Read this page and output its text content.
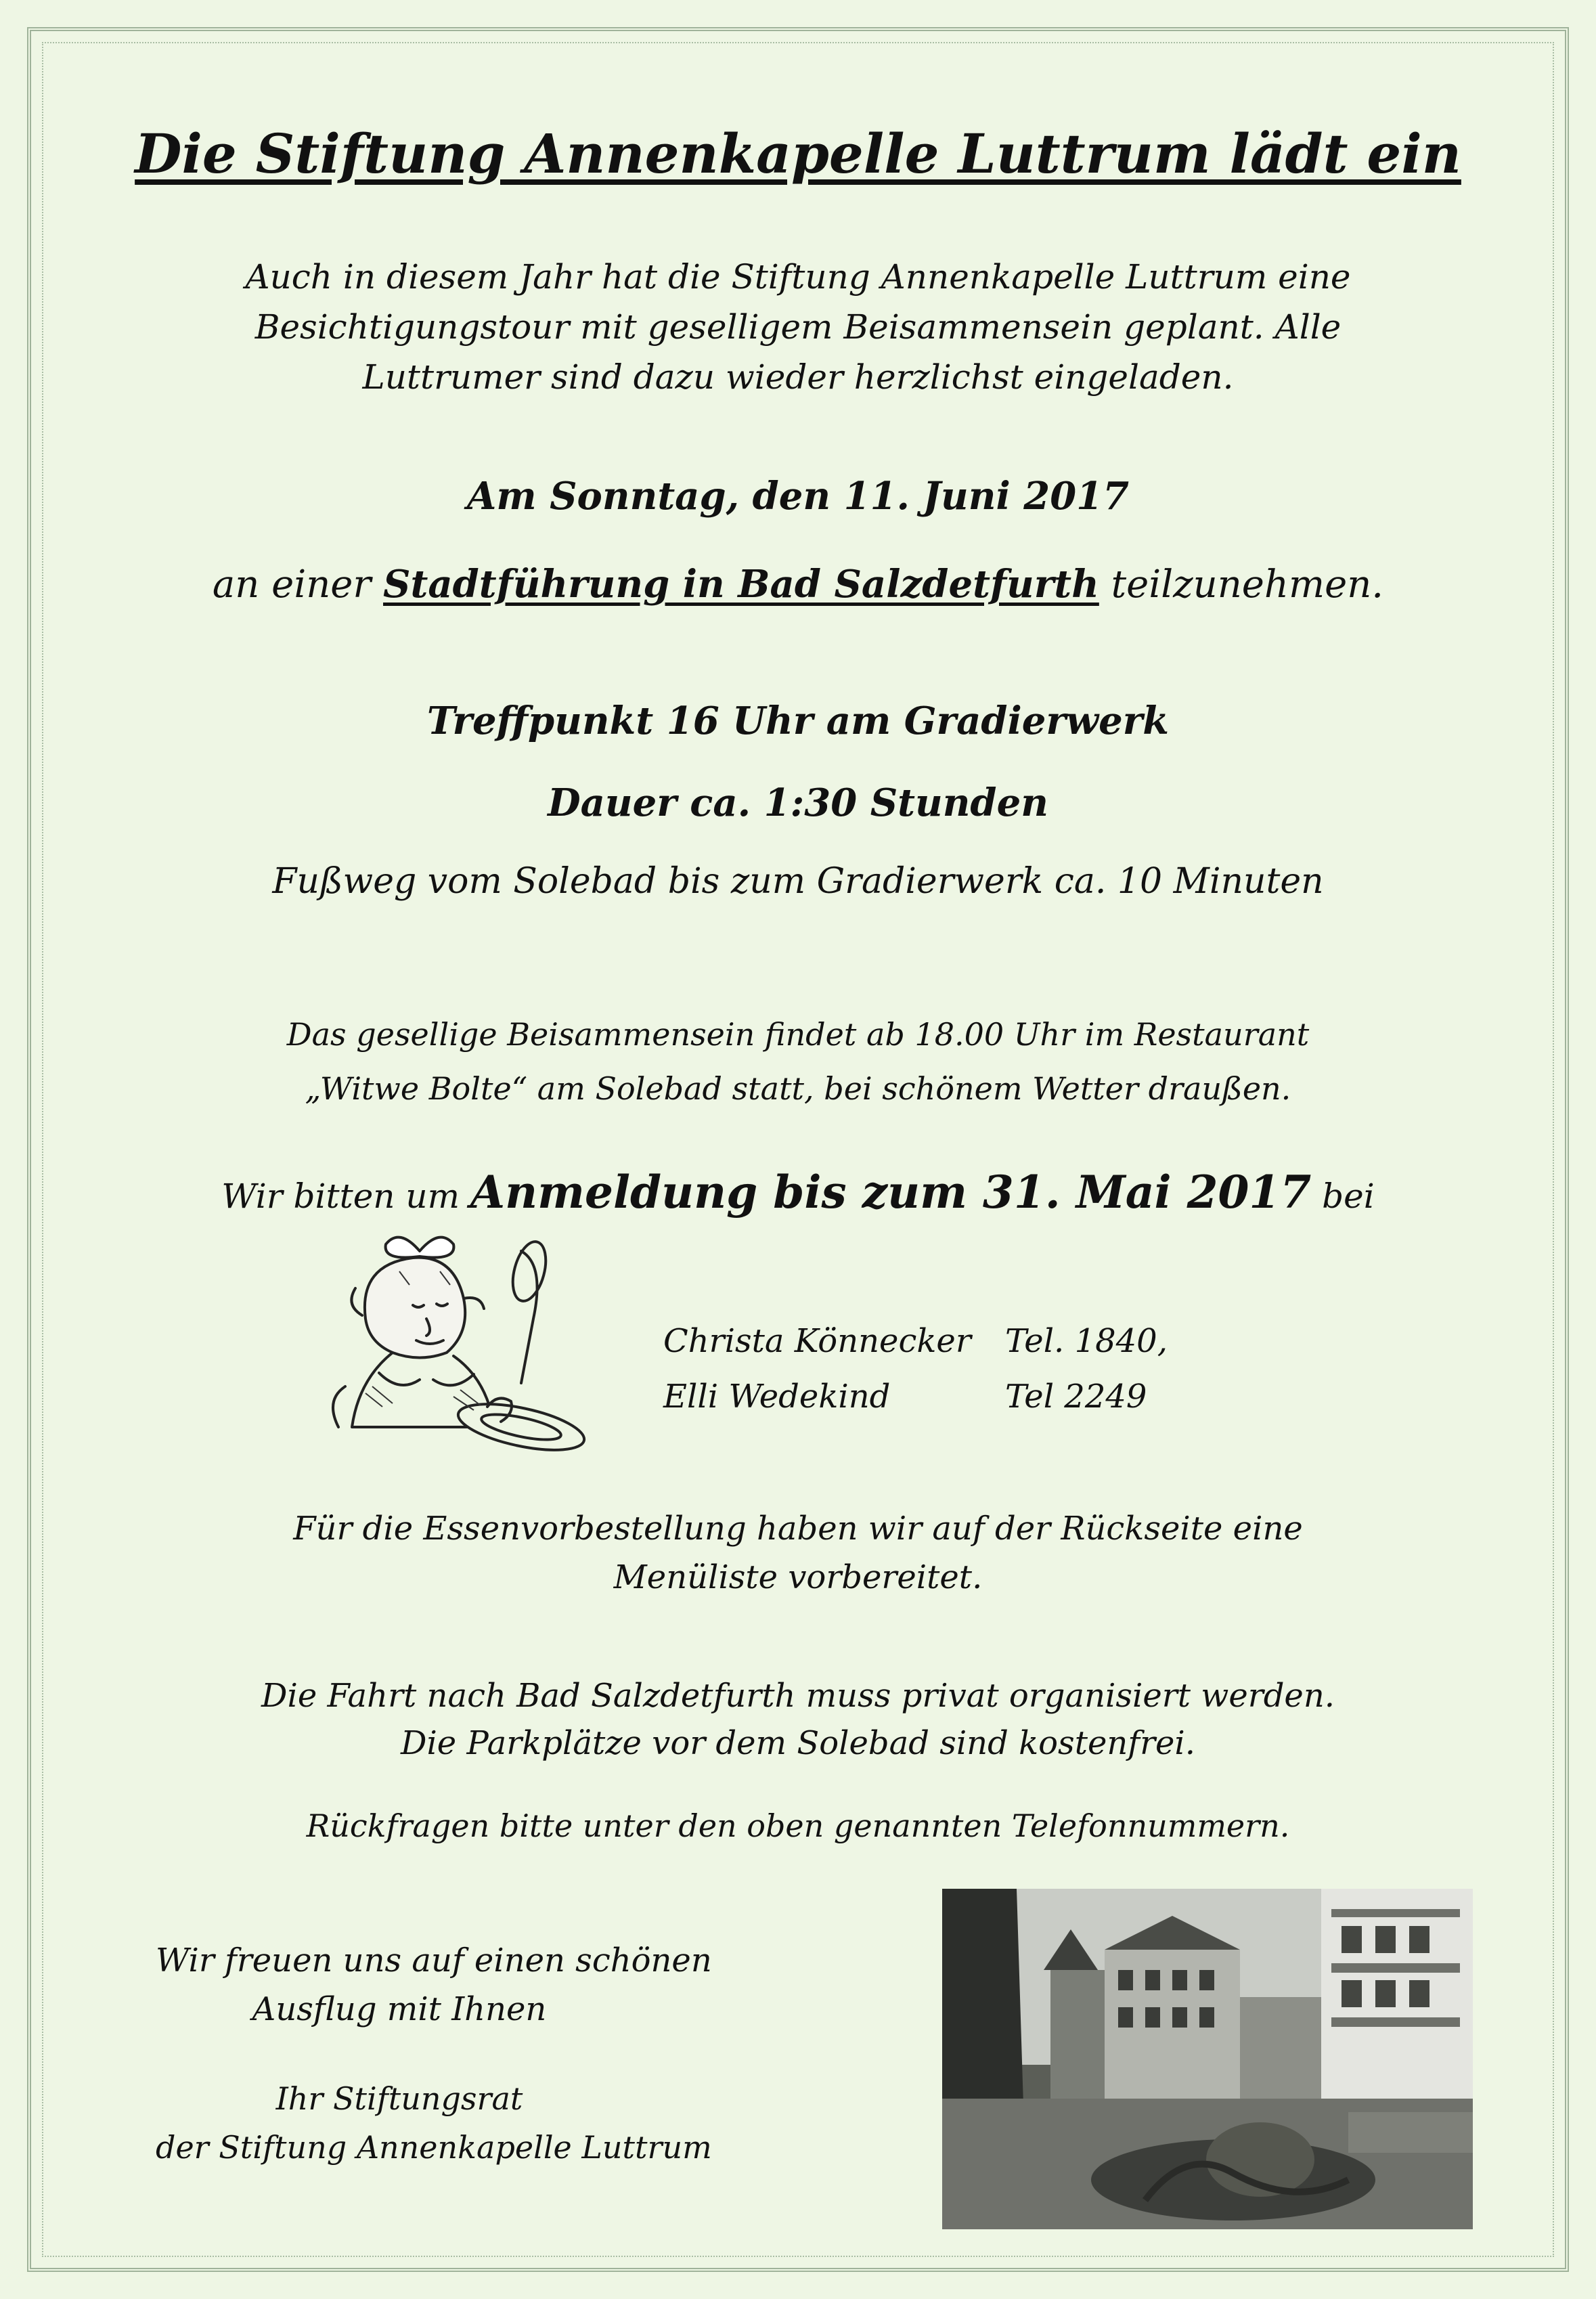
Die Stiftung Annenkapelle Luttrum lädt ein
Auch in diesem Jahr hat die Stiftung Annenkapelle Luttrum eine
Besichtigungstour mit geselligem Beisammensein geplant. Alle
Luttrumer sind dazu wieder herzlichst eingeladen.
Am Sonntag, den 11. Juni 2017
an einer Stadtführung in Bad Salzdetfurth teilzunehmen.
Treffpunkt 16 Uhr am Gradierwerk
Dauer ca. 1:30 Stunden
Fußweg vom Solebad bis zum Gradierwerk ca. 10 Minuten
Das gesellige Beisammensein findet ab 18.00 Uhr im Restaurant
„Witwe Bolte“ am Solebad statt, bei schönem Wetter draußen.
Wir bitten um Anmeldung bis zum 31. Mai 2017 bei
Christa Könnecker Tel. 1840,
Elli Wedekind	Tel 2249
Für die Essenvorbestellung haben wir auf der Rückseite eine
Menüliste vorbereitet.
Die Fahrt nach Bad Salzdetfurth muss privat organisiert werden.
Die Parkplätze vor dem Solebad sind kostenfrei.
Rückfragen bitte unter den oben genannten Telefonnummern.
Wir freuen uns auf einen schönen
Ausflug mit Ihnen
Ihr Stiftungsrat
der Stiftung Annenkapelle Luttrum
